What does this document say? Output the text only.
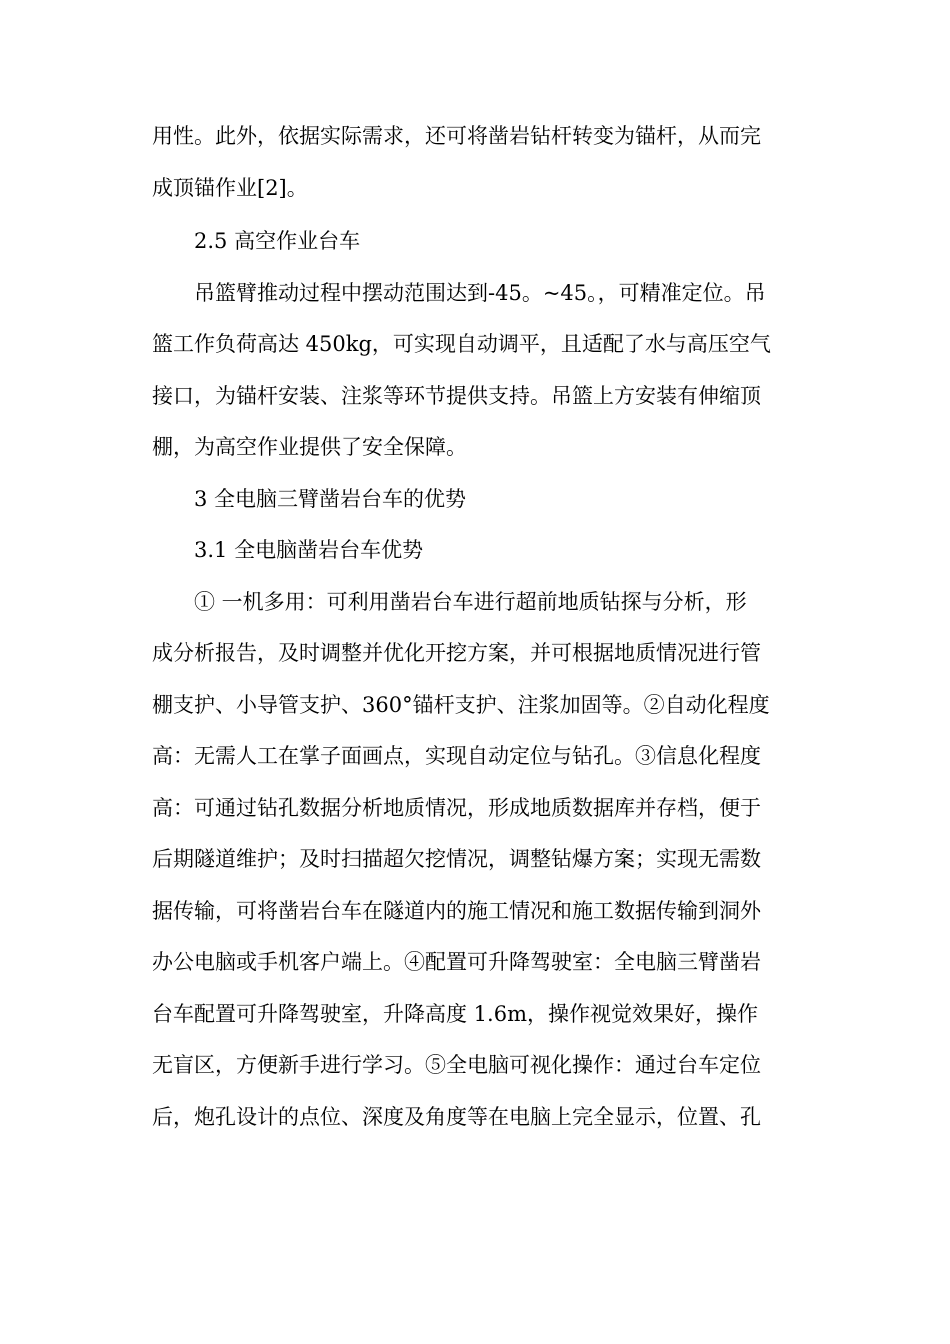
用性。此外，依据实际需求，还可将凿岩钻杆转变为锚杆，从而完
成顶锚作业[2]。
2.5 高空作业台车
吊篮臂推动过程中摆动范围达到-45。~45。，可精准定位。吊
篮工作负荷高达 450kg，可实现自动调平，且适配了水与高压空气
接口，为锚杆安装、注浆等环节提供支持。吊篮上方安装有伸缩顶
棚，为高空作业提供了安全保障。
3 全电脑三臂凿岩台车的优势
3.1 全电脑凿岩台车优势
① 一机多用：可利用凿岩台车进行超前地质钻探与分析，形
成分析报告，及时调整并优化开挖方案，并可根据地质情况进行管
棚支护、小导管支护、360°锚杆支护、注浆加固等。②自动化程度
高：无需人工在掌子面画点，实现自动定位与钻孔。③信息化程度
高：可通过钻孔数据分析地质情况，形成地质数据库并存档，便于
后期隧道维护；及时扫描超欠挖情况，调整钻爆方案；实现无需数
据传输，可将凿岩台车在隧道内的施工情况和施工数据传输到洞外
办公电脑或手机客户端上。④配置可升降驾驶室：全电脑三臂凿岩
台车配置可升降驾驶室，升降高度 1.6m，操作视觉效果好，操作
无盲区，方便新手进行学习。⑤全电脑可视化操作：通过台车定位
后，炮孔设计的点位、深度及角度等在电脑上完全显示，位置、孔
